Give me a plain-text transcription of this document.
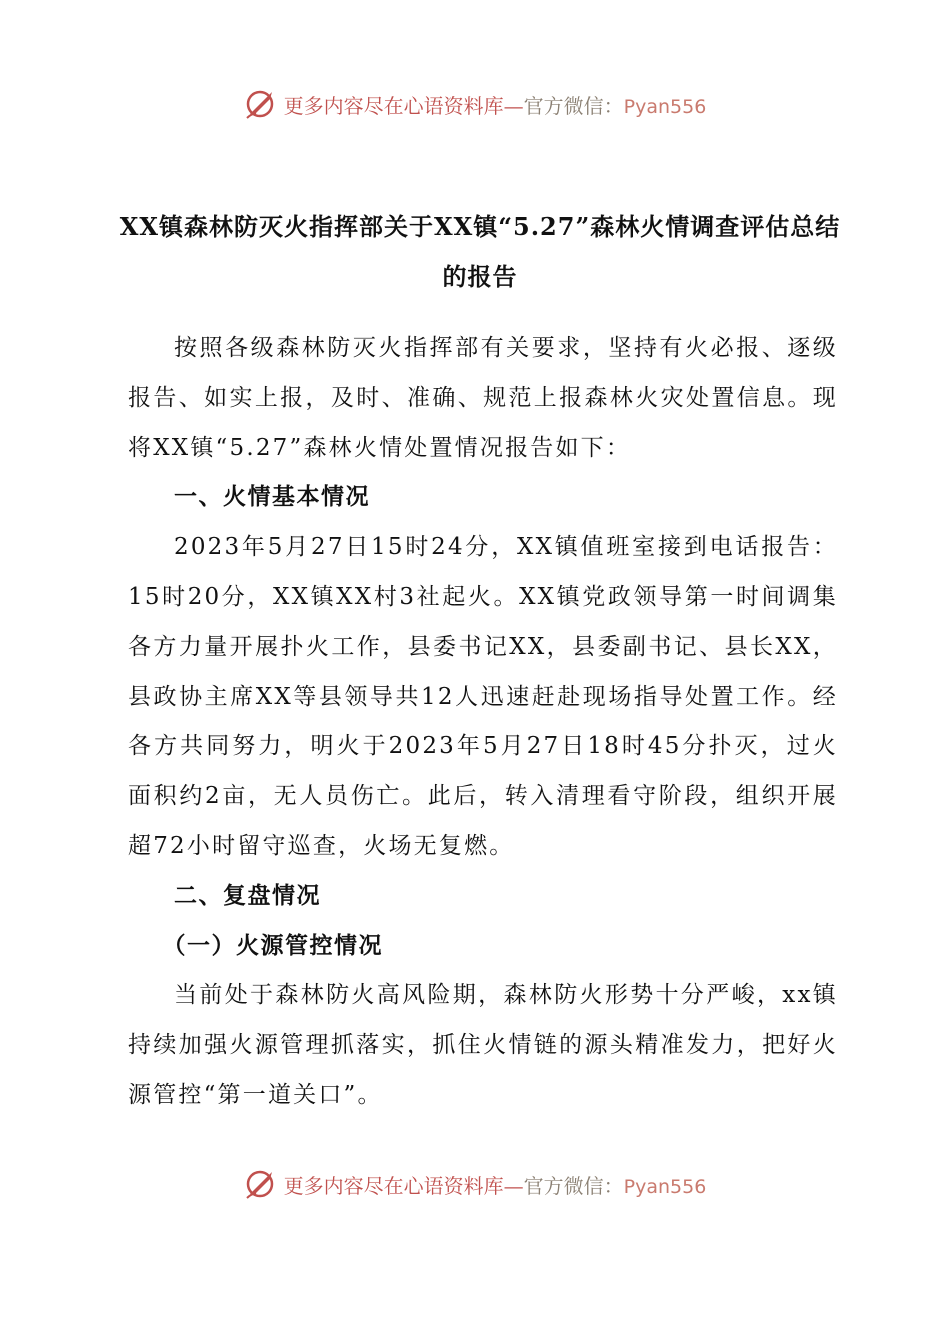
更多内容尽在心语资料库—官方微信：Pyan556
XX镇森林防灭火指挥部关于XX镇“5.27”森林火情调查评估总结的报告

按照各级森林防灭火指挥部有关要求，坚持有火必报、逐级报告、如实上报，及时、准确、规范上报森林火灾处置信息。现将XX镇“5.27”森林火情处置情况报告如下：

一、火情基本情况

2023年5月27日15时24分，XX镇值班室接到电话报告：15时20分，XX镇XX村3社起火。XX镇党政领导第一时间调集各方力量开展扑火工作，县委书记XX，县委副书记、县长XX，县政协主席XX等县领导共12人迅速赶赴现场指导处置工作。经各方共同努力，明火于2023年5月27日18时45分扑灭，过火面积约2亩，无人员伤亡。此后，转入清理看守阶段，组织开展超72小时留守巡查，火场无复燃。

二、复盘情况

（一）火源管控情况

当前处于森林防火高风险期，森林防火形势十分严峻，xx镇持续加强火源管理抓落实，抓住火情链的源头精准发力，把好火源管控“第一道关口”。

更多内容尽在心语资料库—官方微信：Pyan556
